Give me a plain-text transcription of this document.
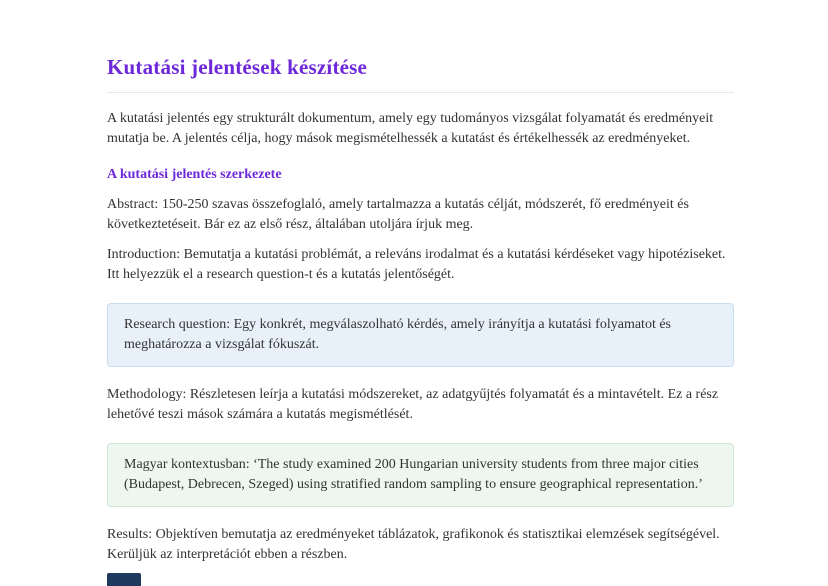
Kutatási jelentések készítése

A kutatási jelentés egy strukturált dokumentum, amely egy tudományos vizsgálat folyamatát és eredményeit mutatja be. A jelentés célja, hogy mások megismételhessék a kutatást és értékelhessék az eredményeket.

A kutatási jelentés szerkezete

Abstract: 150-250 szavas összefoglaló, amely tartalmazza a kutatás célját, módszerét, fő eredményeit és következtetéseit. Bár ez az első rész, általában utoljára írjuk meg.

Introduction: Bemutatja a kutatási problémát, a releváns irodalmat és a kutatási kérdéseket vagy hipotéziseket. Itt helyezzük el a research question-t és a kutatás jelentőségét.

Research question: Egy konkrét, megválaszolható kérdés, amely irányítja a kutatási folyamatot és meghatározza a vizsgálat fókuszát.

Methodology: Részletesen leírja a kutatási módszereket, az adatgyűjtés folyamatát és a mintavételt. Ez a rész lehetővé teszi mások számára a kutatás megismétlését.

Magyar kontextusban: ‘The study examined 200 Hungarian university students from three major cities (Budapest, Debrecen, Szeged) using stratified random sampling to ensure geographical representation.’

Results: Objektíven bemutatja az eredményeket táblázatok, grafikonok és statisztikai elemzések segítségével. Kerüljük az interpretációt ebben a részben.
